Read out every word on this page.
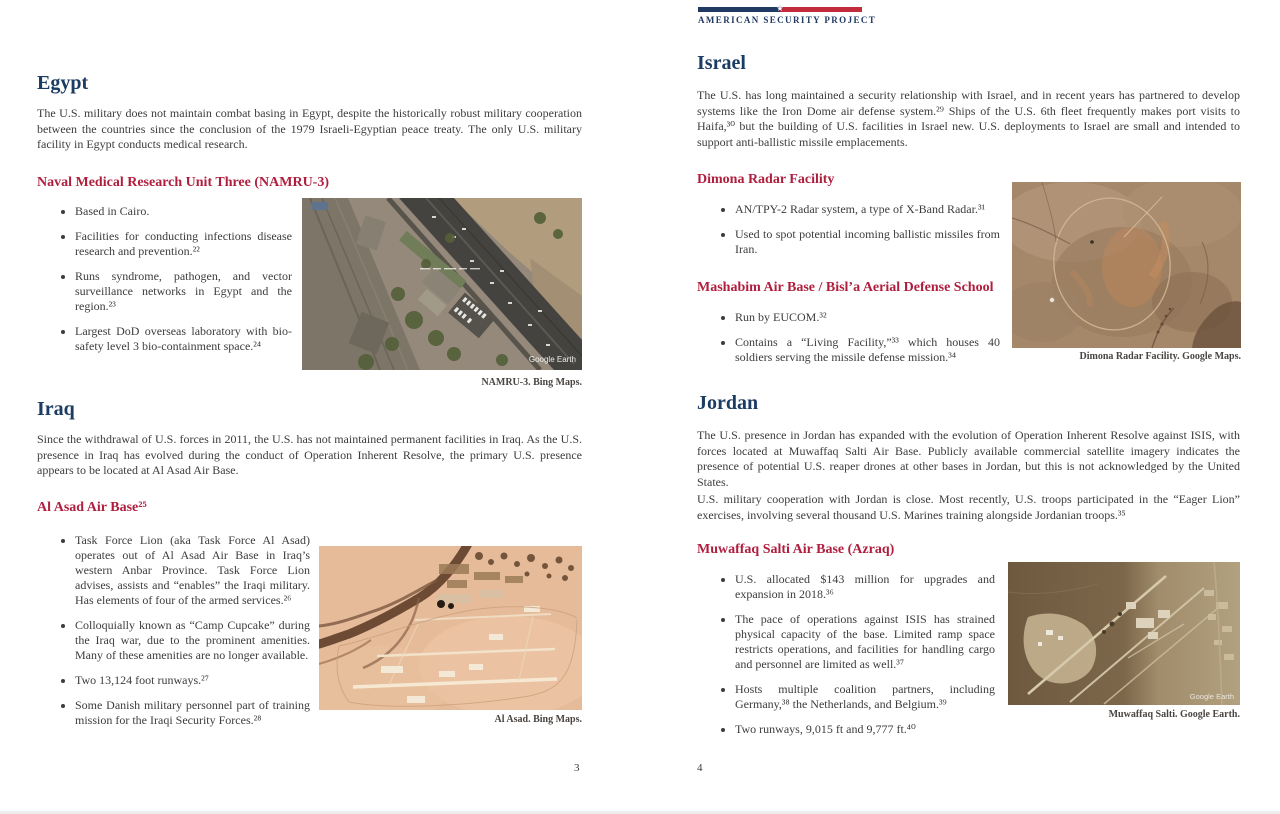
★
AMERICAN SECURITY PROJECT
Egypt

The U.S. military does not maintain combat basing in Egypt, despite the historically robust military cooperation between the countries since the conclusion of the 1979 Israeli-Egyptian peace treaty. The only U.S. military facility in Egypt conducts medical research.

Naval Medical Research Unit Three (NAMRU-3)
• Based in Cairo.
• Facilities for conducting infections disease research and prevention.²²
• Runs syndrome, pathogen, and vector surveillance networks in Egypt and the region.²³
• Largest DoD overseas laboratory with bio-safety level 3 bio-containment space.²⁴
Google Earth
NAMRU-3. Bing Maps.
Iraq

Since the withdrawal of U.S. forces in 2011, the U.S. has not maintained permanent facilities in Iraq. As the U.S. presence in Iraq has evolved during the conduct of Operation Inherent Resolve, the primary U.S. presence appears to be located at Al Asad Air Base.

Al Asad Air Base²⁵
• Task Force Lion (aka Task Force Al Asad) operates out of Al Asad Air Base in Iraq’s western Anbar Province. Task Force Lion advises, assists and “enables” the Iraqi military. Has elements of four of the armed services.²⁶
• Colloquially known as “Camp Cupcake” during the Iraq war, due to the prominent amenities. Many of these amenities are no longer available.
• Two 13,124 foot runways.²⁷
• Some Danish military personnel part of training mission for the Iraqi Security Forces.²⁸	Al Asad. Bing Maps.
3
Israel

The U.S. has long maintained a security relationship with Israel, and in recent years has partnered to develop systems like the Iron Dome air defense system.²⁹ Ships of the U.S. 6th fleet frequently makes port visits to Haifa,³⁰ but the building of U.S. facilities in Israel new. U.S. deployments to Israel are small and intended to support anti-ballistic missile emplacements.

Dimona Radar Facility
• AN/TPY-2 Radar system, a type of X-Band Radar.³¹
• Used to spot potential incoming ballistic missiles from Iran.
Dimona Radar Facility. Google Maps.
Mashabim Air Base / Bisl’a Aerial Defense School
• Run by EUCOM.³²
• Contains a “Living Facility,”³³ which houses 40 soldiers serving the missile defense mission.³⁴
Jordan

The U.S. presence in Jordan has expanded with the evolution of Operation Inherent Resolve against ISIS, with forces located at Muwaffaq Salti Air Base. Publicly available commercial satellite imagery indicates the presence of potential U.S. reaper drones at other bases in Jordan, but this is not acknowledged by the United States.

U.S. military cooperation with Jordan is close. Most recently, U.S. troops participated in the “Eager Lion” exercises, involving several thousand U.S. Marines training alongside Jordanian troops.³⁵

Muwaffaq Salti Air Base (Azraq)
• U.S. allocated $143 million for upgrades and expansion in 2018.³⁶
• The pace of operations against ISIS has strained physical capacity of the base. Limited ramp space restricts operations, and facilities for handling cargo and personnel are limited as well.³⁷
• Hosts multiple coalition partners, including Germany,³⁸ the Netherlands, and Belgium.³⁹
• Two runways, 9,015 ft and 9,777 ft.⁴⁰
Google Earth
Muwaffaq Salti. Google Earth.
4
